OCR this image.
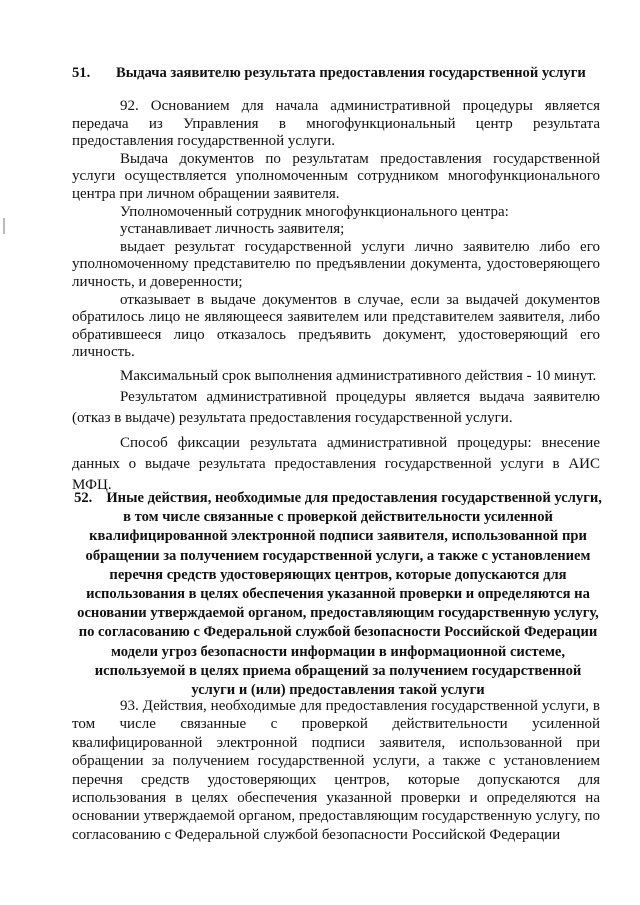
51.	Выдача заявителю результата предоставления государственной услуги

92. Основанием для начала административной процедуры является передача из Управления в многофункциональный центр результата предоставления государственной услуги.

Выдача документов по результатам предоставления государственной услуги осуществляется уполномоченным сотрудником многофункционального центра при личном обращении заявителя.

Уполномоченный сотрудник многофункционального центра:

устанавливает личность заявителя;

выдает результат государственной услуги лично заявителю либо его уполномоченному представителю по предъявлении документа, удостоверяющего личность, и доверенности;

отказывает в выдаче документов в случае, если за выдачей документов обратилось лицо не являющееся заявителем или представителем заявителя, либо обратившееся лицо отказалось предъявить документ, удостоверяющий его личность.

Максимальный срок выполнения административного действия - 10 минут.

Результатом административной процедуры является выдача заявителю (отказ в выдаче) результата предоставления государственной услуги.

Способ фиксации результата административной процедуры: внесение данных о выдаче результата предоставления государственной услуги в АИС МФЦ.

52. Иные действия, необходимые для предоставления государственной услуги, в том числе связанные с проверкой действительности усиленной квалифицированной электронной подписи заявителя, использованной при обращении за получением государственной услуги, а также с установлением перечня средств удостоверяющих центров, которые допускаются для использования в целях обеспечения указанной проверки и определяются на основании утверждаемой органом, предоставляющим государственную услугу, по согласованию с Федеральной службой безопасности Российской Федерации модели угроз безопасности информации в информационной системе, используемой в целях приема обращений за получением государственной услуги и (или) предоставления такой услуги

93. Действия, необходимые для предоставления государственной услуги, в том числе связанные с проверкой действительности усиленной квалифицированной электронной подписи заявителя, использованной при обращении за получением государственной услуги, а также с установлением перечня средств удостоверяющих центров, которые допускаются для использования в целях обеспечения указанной проверки и определяются на основании утверждаемой органом, предоставляющим государственную услугу, по согласованию с Федеральной службой безопасности Российской Федерации
